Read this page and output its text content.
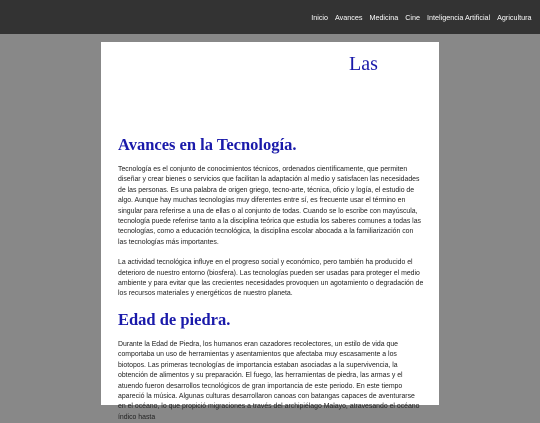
Inicio Avances Medicina Cine Inteligencia Artificial Agricultura
Las
Avances en la Tecnología.

Tecnología es el conjunto de conocimientos técnicos, ordenados científicamente, que permiten diseñar y crear bienes o servicios que facilitan la adaptación al medio y satisfacen las necesidades de las personas. Es una palabra de origen griego, tecno-arte, técnica, oficio y logía, el estudio de algo. Aunque hay muchas tecnologías muy diferentes entre sí, es frecuente usar el término en singular para referirse a una de ellas o al conjunto de todas. Cuando se lo escribe con mayúscula, tecnología puede referirse tanto a la disciplina teórica que estudia los saberes comunes a todas las tecnologías, como a educación tecnológica, la disciplina escolar abocada a la familiarización con las tecnologías más importantes.

La actividad tecnológica influye en el progreso social y económico, pero también ha producido el deterioro de nuestro entorno (biosfera). Las tecnologías pueden ser usadas para proteger el medio ambiente y para evitar que las crecientes necesidades provoquen un agotamiento o degradación de los recursos materiales y energéticos de nuestro planeta.

Edad de piedra.

Durante la Edad de Piedra, los humanos eran cazadores recolectores, un estilo de vida que comportaba un uso de herramientas y asentamientos que afectaba muy escasamente a los biotopos. Las primeras tecnologías de importancia estaban asociadas a la supervivencia, la obtención de alimentos y su preparación. El fuego, las herramientas de piedra, las armas y el atuendo fueron desarrollos tecnológicos de gran importancia de este periodo. En este tiempo apareció la música. Algunas culturas desarrollaron canoas con batangas capaces de aventurarse en el océano, lo que propició migraciones a través del archipiélago Malayo, atravesando el océano índico hasta
